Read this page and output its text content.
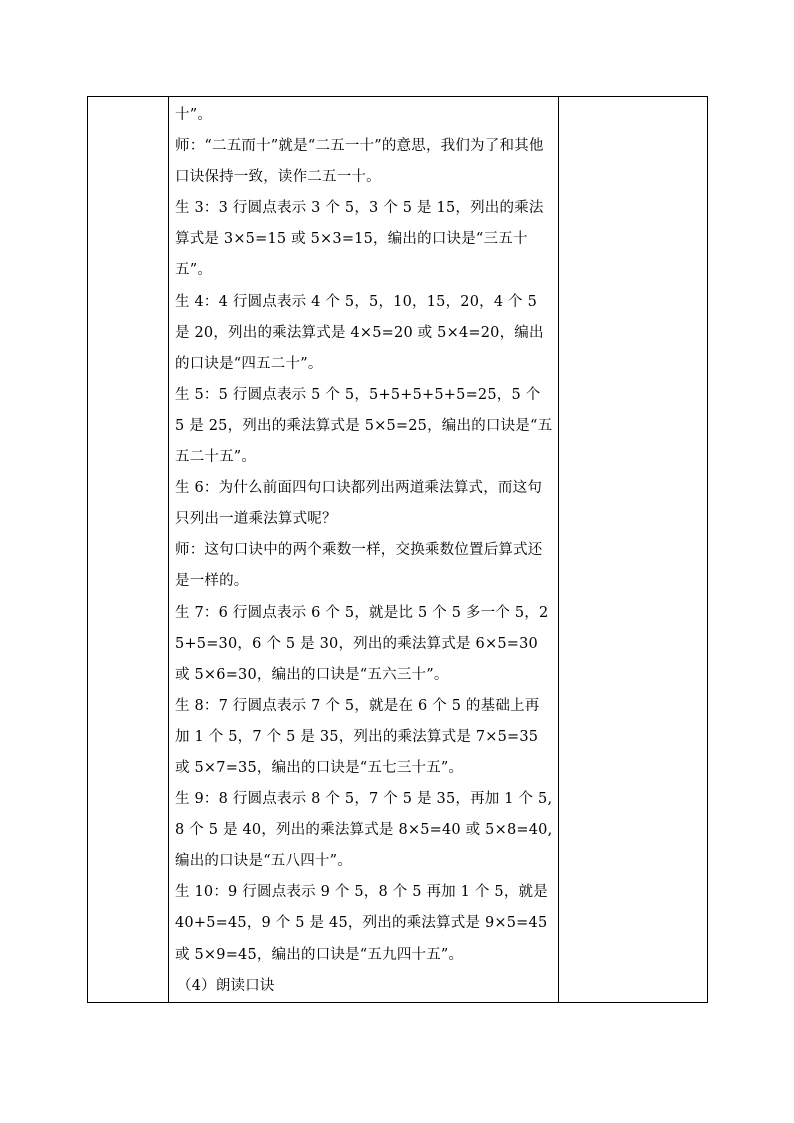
十”。

师：“二五而十”就是“二五一十”的意思，我们为了和其他口诀保持一致，读作二五一十。

生 3：3 行圆点表示 3 个 5，3 个 5 是 15，列出的乘法算式是 3×5=15 或 5×3=15，编出的口诀是“三五十五”。

生 4：4 行圆点表示 4 个 5，5，10，15，20，4 个 5 是 20，列出的乘法算式是 4×5=20 或 5×4=20，编出的口诀是“四五二十”。

生 5：5 行圆点表示 5 个 5，5+5+5+5+5=25，5 个 5 是 25，列出的乘法算式是 5×5=25，编出的口诀是“五五二十五”。

生 6：为什么前面四句口诀都列出两道乘法算式，而这句只列出一道乘法算式呢？

师：这句口诀中的两个乘数一样，交换乘数位置后算式还是一样的。

生 7：6 行圆点表示 6 个 5，就是比 5 个 5 多一个 5，25+5=30，6 个 5 是 30，列出的乘法算式是 6×5=30 或 5×6=30，编出的口诀是“五六三十”。

生 8：7 行圆点表示 7 个 5，就是在 6 个 5 的基础上再加 1 个 5，7 个 5 是 35，列出的乘法算式是 7×5=35 或 5×7=35，编出的口诀是“五七三十五”。

生 9：8 行圆点表示 8 个 5，7 个 5 是 35，再加 1 个 5,8 个 5 是 40，列出的乘法算式是 8×5=40 或 5×8=40,编出的口诀是“五八四十”。

生 10：9 行圆点表示 9 个 5，8 个 5 再加 1 个 5，就是 40+5=45，9 个 5 是 45，列出的乘法算式是 9×5=45 或 5×9=45，编出的口诀是“五九四十五”。

（4）朗读口诀
